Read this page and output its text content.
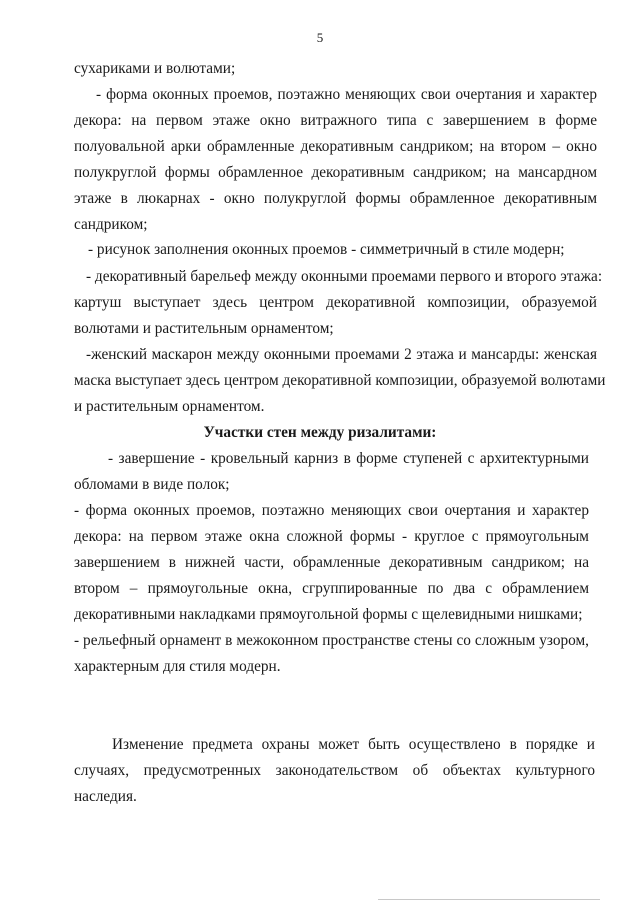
5
сухариками и волютами;
- форма оконных проемов, поэтажно меняющих свои очертания и характер
декора: на первом этаже окно витражного типа с завершением в форме
полуовальной арки обрамленные декоративным сандриком; на втором – окно
полукруглой формы обрамленное декоративным сандриком; на мансардном
этаже в люкарнах - окно полукруглой формы обрамленное декоративным
сандриком;
- рисунок заполнения оконных проемов - симметричный в стиле модерн;
- декоративный барельеф между оконными проемами первого и второго этажа:
картуш выступает здесь центром декоративной композиции, образуемой
волютами и растительным орнаментом;
-женский маскарон между оконными проемами 2 этажа и мансарды: женская
маска выступает здесь центром декоративной композиции, образуемой волютами
и растительным орнаментом.
Участки стен между ризалитами:
- завершение - кровельный карниз в форме ступеней с архитектурными
обломами в виде полок;
- форма оконных проемов, поэтажно меняющих свои очертания и характер
декора: на первом этаже окна сложной формы - круглое с прямоугольным
завершением в нижней части, обрамленные декоративным сандриком; на
втором – прямоугольные окна, сгруппированные по два с обрамлением
декоративными накладками прямоугольной формы с щелевидными нишками;
- рельефный орнамент в межоконном пространстве стены со сложным узором,
характерным для стиля модерн.
Изменение предмета охраны может быть осуществлено в порядке и
случаях, предусмотренных законодательством об объектах культурного
наследия.
